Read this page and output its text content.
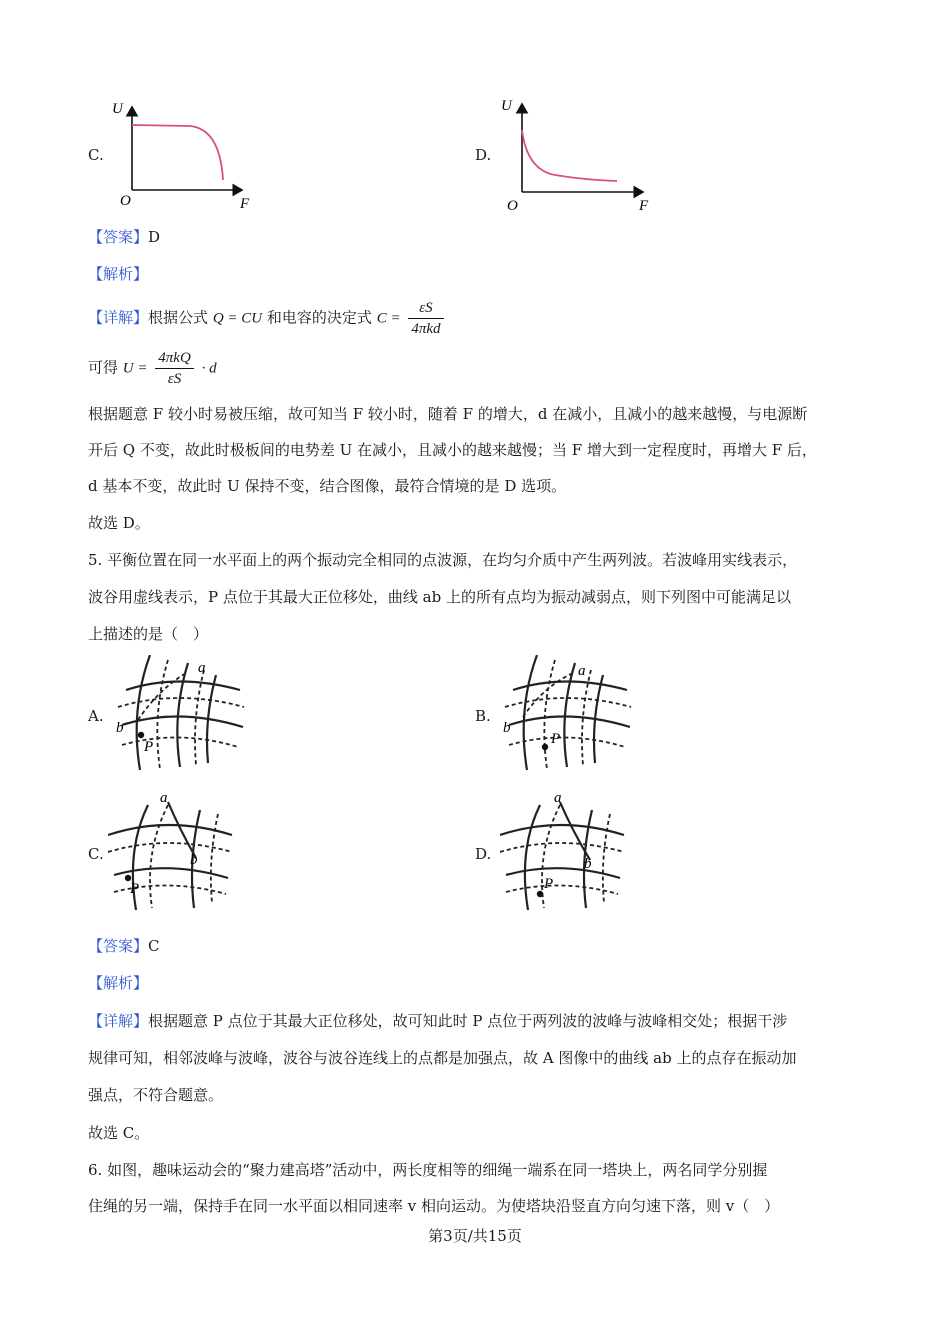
C.
U
O	F
D.
U
O	F
【答案】D
【解析】
【详解】根据公式 Q = CU 和电容的决定式 $C = \frac{\varepsilon S}{\text{4πkd}}$
可得 $U = \frac{\text{4πkQ}}{\varepsilon S} \cdot d$
根据题意 F 较小时易被压缩，故可知当 F 较小时，随着 F 的增大，d 在减小，且减小的越来越慢，与电源断
开后 Q 不变，故此时极板间的电势差 U 在减小，且减小的越来越慢；当 F 增大到一定程度时，再增大 F 后，
d 基本不变，故此时 U 保持不变，结合图像，最符合情境的是 D 选项。
故选 D。
5. 平衡位置在同一水平面上的两个振动完全相同的点波源，在均匀介质中产生两列波。若波峰用实线表示，
波谷用虚线表示，P 点位于其最大正位移处，曲线 ab 上的所有点均为振动减弱点，则下列图中可能满足以
上描述的是（　）
A.
a
b
P
B.
a
b
P
C.
a
b
P
D.
a
b
P
【答案】C
【解析】
【详解】根据题意 P 点位于其最大正位移处，故可知此时 P 点位于两列波的波峰与波峰相交处；根据干涉
规律可知，相邻波峰与波峰，波谷与波谷连线上的点都是加强点，故 A 图像中的曲线 ab 上的点存在振动加
强点，不符合题意。
故选 C。
6. 如图，趣味运动会的“聚力建高塔”活动中，两长度相等的细绳一端系在同一塔块上，两名同学分别握
住绳的另一端，保持手在同一水平面以相同速率 v 相向运动。为使塔块沿竖直方向匀速下落，则 v（　）
第3页/共15页
